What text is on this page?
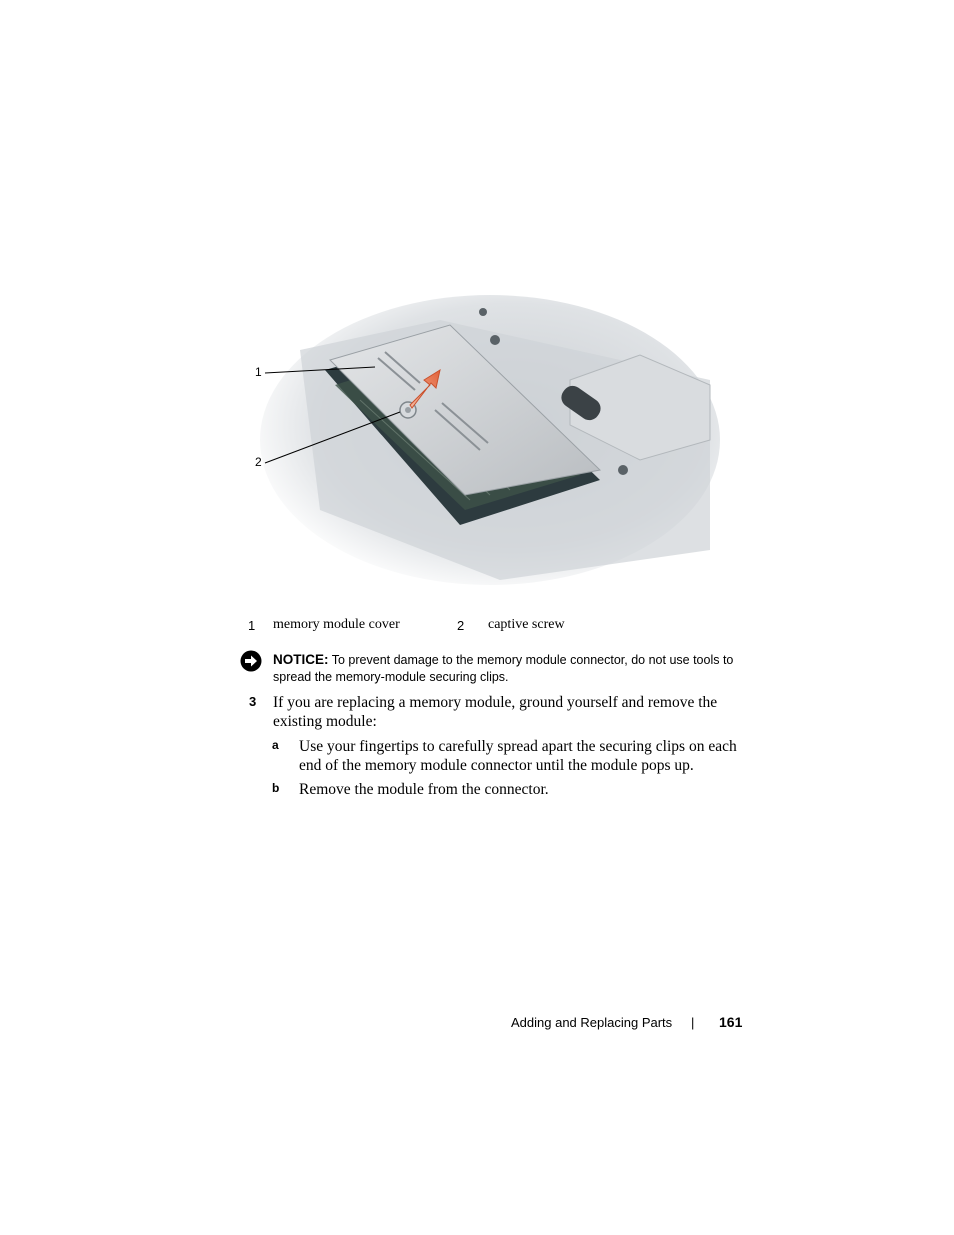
1
2
1 memory module cover	2 captive screw
NOTICE: To prevent damage to the memory module connector, do not use tools to spread the memory-module securing clips.
3 If you are replacing a memory module, ground yourself and remove the existing module:
a Use your fingertips to carefully spread apart the securing clips on each end of the memory module connector until the module pops up.
b Remove the module from the connector.
Adding and Replacing Parts | 161
